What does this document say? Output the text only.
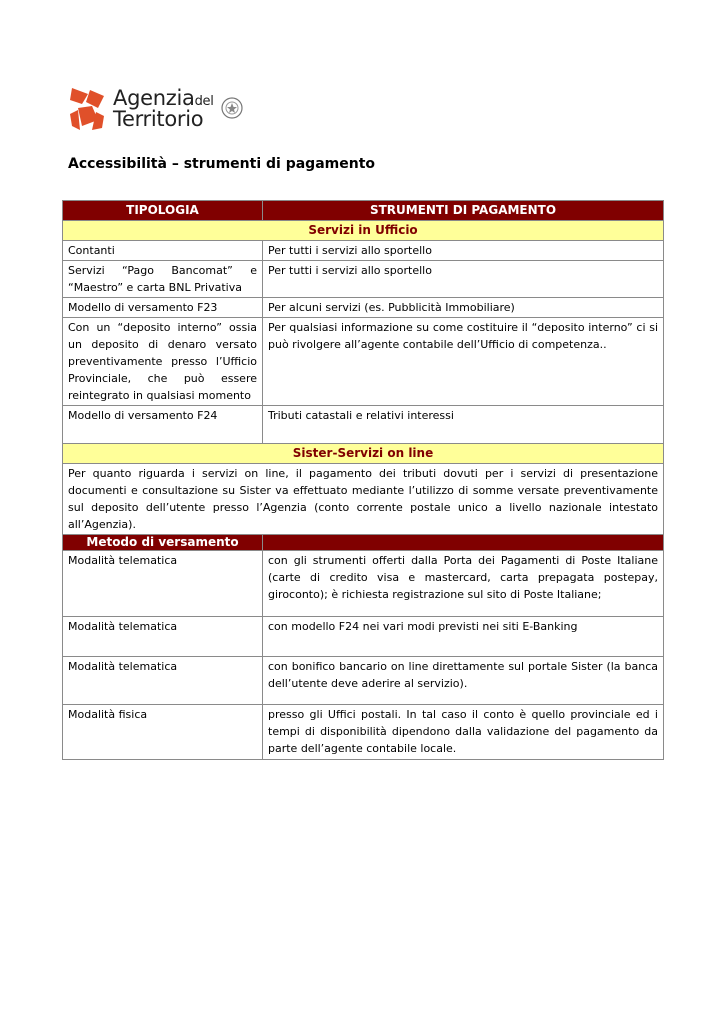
Agenziadel
Territorio
Accessibilità – strumenti di pagamento
TIPOLOGIA	STRUMENTI DI PAGAMENTO
Servizi in Ufficio	
Contanti	Per tutti i servizi allo sportello
Servizi “Pago Bancomat” e “Maestro” e carta BNL Privativa	Per tutti i servizi allo sportello
Modello di versamento F23	Per alcuni servizi (es. Pubblicità Immobiliare)
Con un “deposito interno” ossia un deposito di denaro versato preventivamente presso l’Ufficio Provinciale, che può essere reintegrato in qualsiasi momento	Per qualsiasi informazione su come costituire il “deposito interno” ci si può rivolgere all’agente contabile dell’Ufficio di competenza..
Modello di versamento F24	Tributi catastali e relativi interessi
Sister-Servizi on line	
Per quanto riguarda i servizi on line, il pagamento dei tributi dovuti per i servizi di presentazione documenti e consultazione su Sister va effettuato mediante l’utilizzo di somme versate preventivamente sul deposito dell’utente presso l’Agenzia (conto corrente postale unico a livello nazionale intestato all’Agenzia).	
Metodo di versamento	
Modalità telematica	con gli strumenti offerti dalla Porta dei Pagamenti di Poste Italiane (carte di credito visa e mastercard, carta prepagata postepay, giroconto); è richiesta registrazione sul sito di Poste Italiane;
Modalità telematica	con modello F24 nei vari modi previsti nei siti E-Banking
Modalità telematica	con bonifico bancario on line direttamente sul portale Sister (la banca dell’utente deve aderire al servizio).
Modalità fisica	presso gli Uffici postali. In tal caso il conto è quello provinciale ed i tempi di disponibilità dipendono dalla validazione del pagamento da parte dell’agente contabile locale.
